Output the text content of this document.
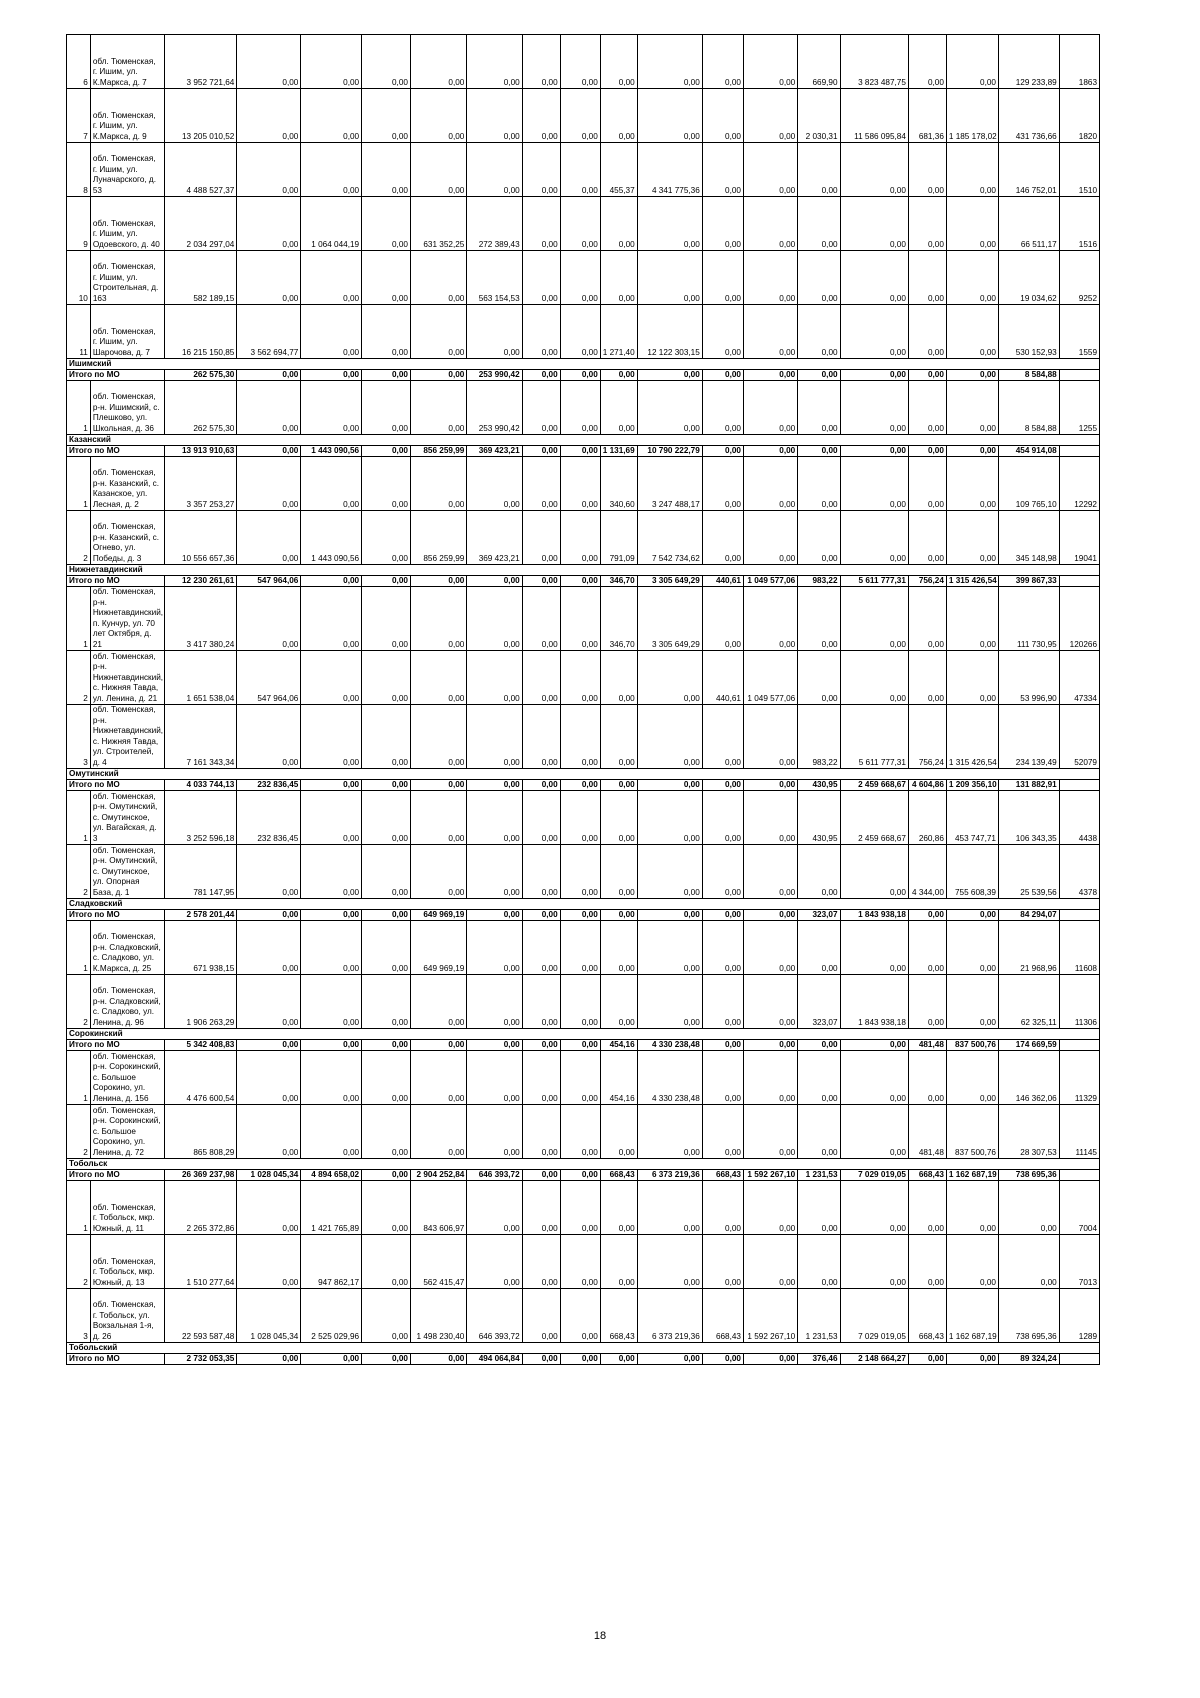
6	обл. Тюменская, г. Ишим, ул. К.Маркса, д. 7	3 952 721,64	0,00	0,00	0,00	0,00	0,00	0,00	0,00	0,00	0,00	0,00	0,00	669,90	3 823 487,75	0,00	0,00	129 233,89	1863
7	обл. Тюменская, г. Ишим, ул. К.Маркса, д. 9	13 205 010,52	0,00	0,00	0,00	0,00	0,00	0,00	0,00	0,00	0,00	0,00	0,00	2 030,31	11 586 095,84	681,36	1 185 178,02	431 736,66	1820
8	обл. Тюменская, г. Ишим, ул. Луначарского, д. 53	4 488 527,37	0,00	0,00	0,00	0,00	0,00	0,00	0,00	455,37	4 341 775,36	0,00	0,00	0,00	0,00	0,00	0,00	146 752,01	1510
9	обл. Тюменская, г. Ишим, ул. Одоевского, д. 40	2 034 297,04	0,00	1 064 044,19	0,00	631 352,25	272 389,43	0,00	0,00	0,00	0,00	0,00	0,00	0,00	0,00	0,00	0,00	66 511,17	1516
10	обл. Тюменская, г. Ишим, ул. Строительная, д. 163	582 189,15	0,00	0,00	0,00	0,00	563 154,53	0,00	0,00	0,00	0,00	0,00	0,00	0,00	0,00	0,00	0,00	19 034,62	9252
11	обл. Тюменская, г. Ишим, ул. Шарочова, д. 7	16 215 150,85	3 562 694,77	0,00	0,00	0,00	0,00	0,00	0,00	1 271,40	12 122 303,15	0,00	0,00	0,00	0,00	0,00	0,00	530 152,93	1559
Ишимский																			
Итого по МО		262 575,30	0,00	0,00	0,00	0,00	253 990,42	0,00	0,00	0,00	0,00	0,00	0,00	0,00	0,00	0,00	0,00	8 584,88	
1	обл. Тюменская, р-н. Ишимский, с. Плешково, ул. Школьная, д. 36	262 575,30	0,00	0,00	0,00	0,00	253 990,42	0,00	0,00	0,00	0,00	0,00	0,00	0,00	0,00	0,00	0,00	8 584,88	1255
Казанский																			
Итого по МО		13 913 910,63	0,00	1 443 090,56	0,00	856 259,99	369 423,21	0,00	0,00	1 131,69	10 790 222,79	0,00	0,00	0,00	0,00	0,00	0,00	454 914,08	
1	обл. Тюменская, р-н. Казанский, с. Казанское, ул. Лесная, д. 2	3 357 253,27	0,00	0,00	0,00	0,00	0,00	0,00	0,00	340,60	3 247 488,17	0,00	0,00	0,00	0,00	0,00	0,00	109 765,10	12292
2	обл. Тюменская, р-н. Казанский, с. Огнево, ул. Победы, д. 3	10 556 657,36	0,00	1 443 090,56	0,00	856 259,99	369 423,21	0,00	0,00	791,09	7 542 734,62	0,00	0,00	0,00	0,00	0,00	0,00	345 148,98	19041
Нижнетавдинский																			
Итого по МО		12 230 261,61	547 964,06	0,00	0,00	0,00	0,00	0,00	0,00	346,70	3 305 649,29	440,61	1 049 577,06	983,22	5 611 777,31	756,24	1 315 426,54	399 867,33	
1	обл. Тюменская, р-н. Нижнетавдинский, п. Кунчур, ул. 70 лет Октября, д. 21	3 417 380,24	0,00	0,00	0,00	0,00	0,00	0,00	0,00	346,70	3 305 649,29	0,00	0,00	0,00	0,00	0,00	0,00	111 730,95	120266
2	обл. Тюменская, р-н. Нижнетавдинский, с. Нижняя Тавда, ул. Ленина, д. 21	1 651 538,04	547 964,06	0,00	0,00	0,00	0,00	0,00	0,00	0,00	0,00	440,61	1 049 577,06	0,00	0,00	0,00	0,00	53 996,90	47334
3	обл. Тюменская, р-н. Нижнетавдинский, с. Нижняя Тавда, ул. Строителей, д. 4	7 161 343,34	0,00	0,00	0,00	0,00	0,00	0,00	0,00	0,00	0,00	0,00	0,00	983,22	5 611 777,31	756,24	1 315 426,54	234 139,49	52079
Омутинский																			
Итого по МО		4 033 744,13	232 836,45	0,00	0,00	0,00	0,00	0,00	0,00	0,00	0,00	0,00	0,00	430,95	2 459 668,67	4 604,86	1 209 356,10	131 882,91	
1	обл. Тюменская, р-н. Омутинский, с. Омутинское, ул. Вагайская, д. 3	3 252 596,18	232 836,45	0,00	0,00	0,00	0,00	0,00	0,00	0,00	0,00	0,00	0,00	430,95	2 459 668,67	260,86	453 747,71	106 343,35	4438
2	обл. Тюменская, р-н. Омутинский, с. Омутинское, ул. Опорная База, д. 1	781 147,95	0,00	0,00	0,00	0,00	0,00	0,00	0,00	0,00	0,00	0,00	0,00	0,00	0,00	4 344,00	755 608,39	25 539,56	4378
Сладковский																			
Итого по МО		2 578 201,44	0,00	0,00	0,00	649 969,19	0,00	0,00	0,00	0,00	0,00	0,00	0,00	323,07	1 843 938,18	0,00	0,00	84 294,07	
1	обл. Тюменская, р-н. Сладковский, с. Сладково, ул. К.Маркса, д. 25	671 938,15	0,00	0,00	0,00	649 969,19	0,00	0,00	0,00	0,00	0,00	0,00	0,00	0,00	0,00	0,00	0,00	21 968,96	11608
2	обл. Тюменская, р-н. Сладковский, с. Сладково, ул. Ленина, д. 96	1 906 263,29	0,00	0,00	0,00	0,00	0,00	0,00	0,00	0,00	0,00	0,00	0,00	323,07	1 843 938,18	0,00	0,00	62 325,11	11306
Сорокинский																			
Итого по МО		5 342 408,83	0,00	0,00	0,00	0,00	0,00	0,00	0,00	454,16	4 330 238,48	0,00	0,00	0,00	0,00	481,48	837 500,76	174 669,59	
1	обл. Тюменская, р-н. Сорокинский, с. Большое Сорокино, ул. Ленина, д. 156	4 476 600,54	0,00	0,00	0,00	0,00	0,00	0,00	0,00	454,16	4 330 238,48	0,00	0,00	0,00	0,00	0,00	0,00	146 362,06	11329
2	обл. Тюменская, р-н. Сорокинский, с. Большое Сорокино, ул. Ленина, д. 72	865 808,29	0,00	0,00	0,00	0,00	0,00	0,00	0,00	0,00	0,00	0,00	0,00	0,00	0,00	481,48	837 500,76	28 307,53	11145
Тобольск																			
Итого по МО		26 369 237,98	1 028 045,34	4 894 658,02	0,00	2 904 252,84	646 393,72	0,00	0,00	668,43	6 373 219,36	668,43	1 592 267,10	1 231,53	7 029 019,05	668,43	1 162 687,19	738 695,36	
1	обл. Тюменская, г. Тобольск, мкр. Южный, д. 11	2 265 372,86	0,00	1 421 765,89	0,00	843 606,97	0,00	0,00	0,00	0,00	0,00	0,00	0,00	0,00	0,00	0,00	0,00	0,00	7004
2	обл. Тюменская, г. Тобольск, мкр. Южный, д. 13	1 510 277,64	0,00	947 862,17	0,00	562 415,47	0,00	0,00	0,00	0,00	0,00	0,00	0,00	0,00	0,00	0,00	0,00	0,00	7013
3	обл. Тюменская, г. Тобольск, ул. Вокзальная 1-я, д. 26	22 593 587,48	1 028 045,34	2 525 029,96	0,00	1 498 230,40	646 393,72	0,00	0,00	668,43	6 373 219,36	668,43	1 592 267,10	1 231,53	7 029 019,05	668,43	1 162 687,19	738 695,36	1289
Тобольский																			
Итого по МО		2 732 053,35	0,00	0,00	0,00	0,00	494 064,84	0,00	0,00	0,00	0,00	0,00	0,00	376,46	2 148 664,27	0,00	0,00	89 324,24	
18
